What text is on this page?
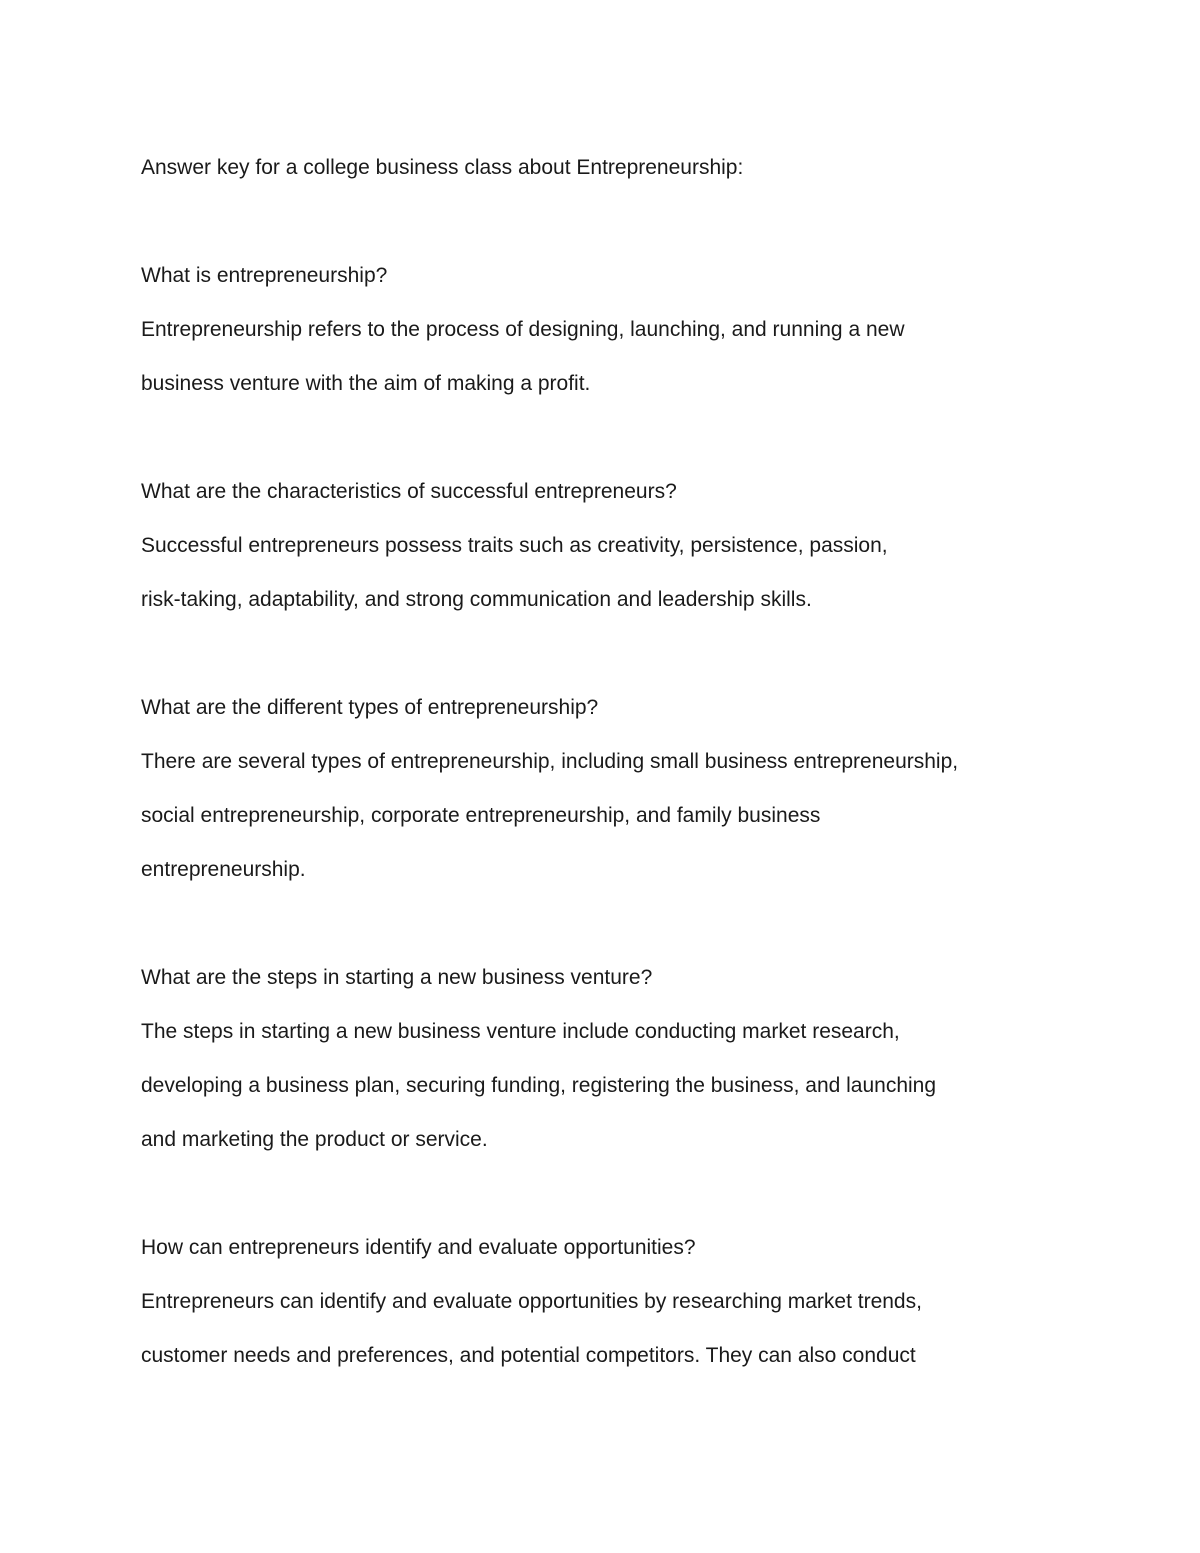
Answer key for a college business class about Entrepreneurship:
What is entrepreneurship?
Entrepreneurship refers to the process of designing, launching, and running a new
business venture with the aim of making a profit.
What are the characteristics of successful entrepreneurs?
Successful entrepreneurs possess traits such as creativity, persistence, passion,
risk-taking, adaptability, and strong communication and leadership skills.
What are the different types of entrepreneurship?
There are several types of entrepreneurship, including small business entrepreneurship,
social entrepreneurship, corporate entrepreneurship, and family business
entrepreneurship.
What are the steps in starting a new business venture?
The steps in starting a new business venture include conducting market research,
developing a business plan, securing funding, registering the business, and launching
and marketing the product or service.
How can entrepreneurs identify and evaluate opportunities?
Entrepreneurs can identify and evaluate opportunities by researching market trends,
customer needs and preferences, and potential competitors. They can also conduct
